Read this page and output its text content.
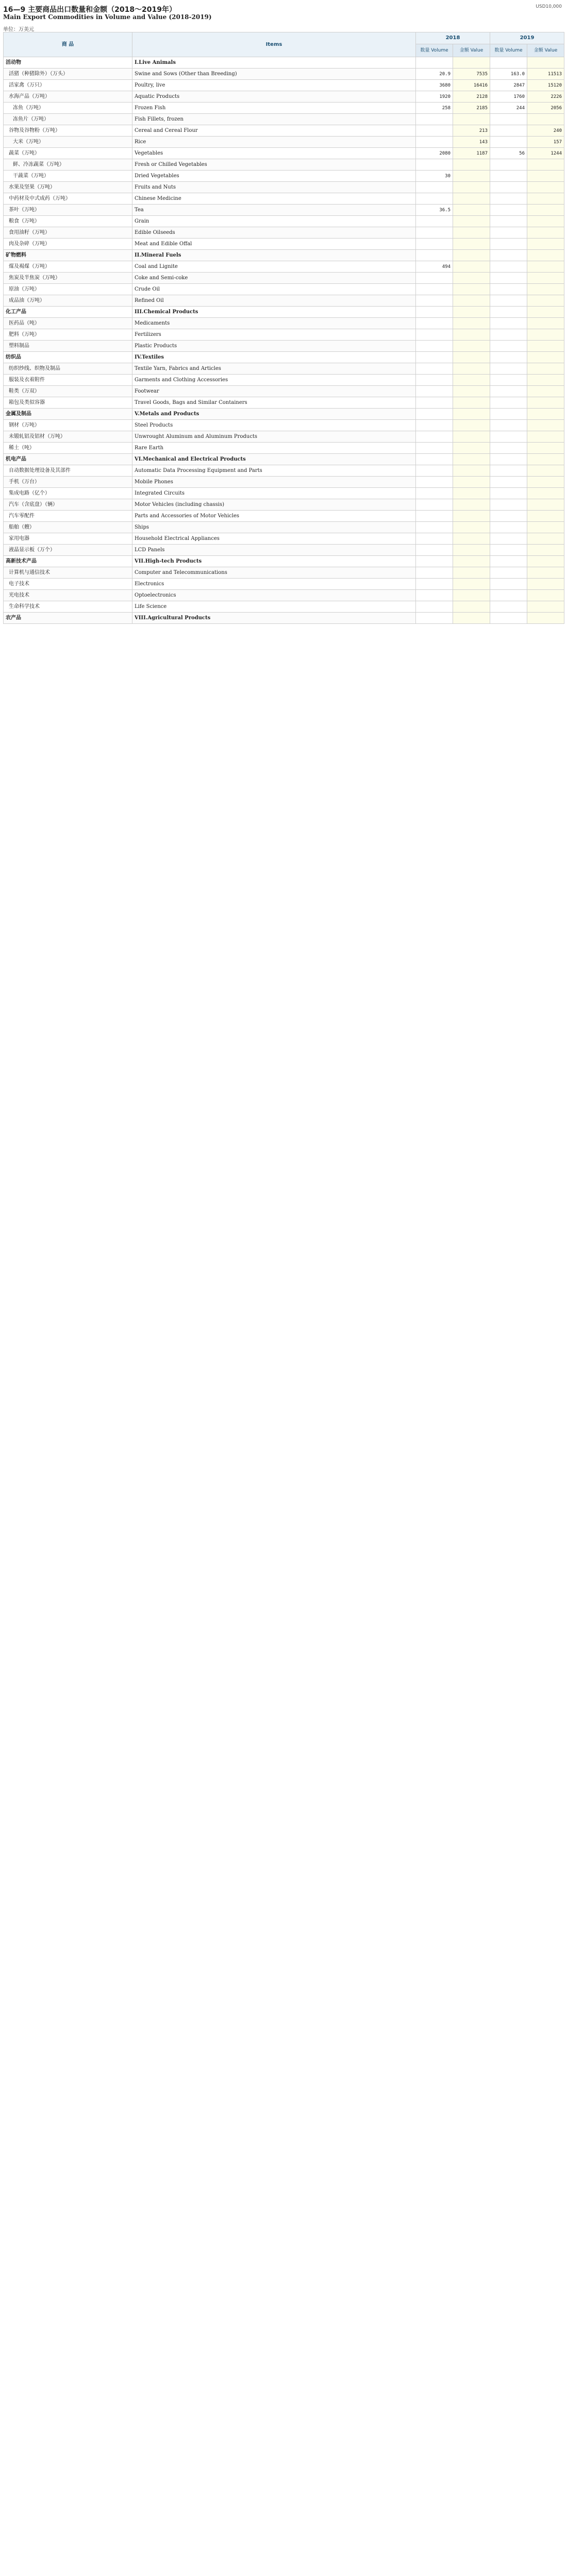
16—9 主要商品出口数量和金额（2018～2019年）
Main Export Commodities in Volume and Value (2018-2019)
单位：万美元
USD10,000
商 品	Items	2018		2019	
		数量 Volume	金额 Value	数量 Volume	金额 Value
活动物	I.Live Animals				
活猪（种猪除外）（万头）	Swine and Sows (Other than Breeding)	20.9	7535	163.0	11513
活家禽（万只）	Poultry, live	3680	16416	2847	15120
水海产品（万吨）	Aquatic Products	1920	2128	1760	2226
冻鱼（万吨）	Frozen Fish	258	2185	244	2056
冻鱼片（万吨）	Fish Fillets, frozen				
谷物及谷物粉（万吨）	Cereal and Cereal Flour		213		240
大米（万吨）	Rice		143		157
蔬菜（万吨）	Vegetables	2080	1187	56	1244
鲜、冷冻蔬菜（万吨）	Fresh or Chilled Vegetables				
干蔬菜（万吨）	Dried Vegetables	30			
水果及坚果（万吨）	Fruits and Nuts				
中药材及中式成药（万吨）	Chinese Medicine				
茶叶（万吨）	Tea	36.5			
粮食（万吨）	Grain				
食用油籽（万吨）	Edible Oilseeds				
肉及杂碎（万吨）	Meat and Edible Offal				
矿物燃料	II.Mineral Fuels				
煤及褐煤（万吨）	Coal and Lignite	494			
焦炭及半焦炭（万吨）	Coke and Semi-coke				
原油（万吨）	Crude Oil				
成品油（万吨）	Refined Oil				
化工产品	III.Chemical Products				
医药品（吨）	Medicaments				
肥料（万吨）	Fertilizers				
塑料制品	Plastic Products				
纺织品	IV.Textiles				
纺织纱线、织物及制品	Textile Yarn, Fabrics and Articles				
服装及衣着附件	Garments and Clothing Accessories				
鞋类（万双）	Footwear				
箱包及类似容器	Travel Goods, Bags and Similar Containers				
金属及制品	V.Metals and Products				
钢材（万吨）	Steel Products				
未锻轧铝及铝材（万吨）	Unwrought Aluminum and Aluminum Products				
稀土（吨）	Rare Earth				
机电产品	VI.Mechanical and Electrical Products				
自动数据处理设备及其部件	Automatic Data Processing Equipment and Parts				
手机（万台）	Mobile Phones				
集成电路（亿个）	Integrated Circuits				
汽车（含底盘）（辆）	Motor Vehicles (including chassis)				
汽车零配件	Parts and Accessories of Motor Vehicles				
船舶（艘）	Ships				
家用电器	Household Electrical Appliances				
液晶显示板（万个）	LCD Panels				
高新技术产品	VII.High-tech Products				
计算机与通信技术	Computer and Telecommunications				
电子技术	Electronics				
光电技术	Optoelectronics				
生命科学技术	Life Science				
农产品	VIII.Agricultural Products				
